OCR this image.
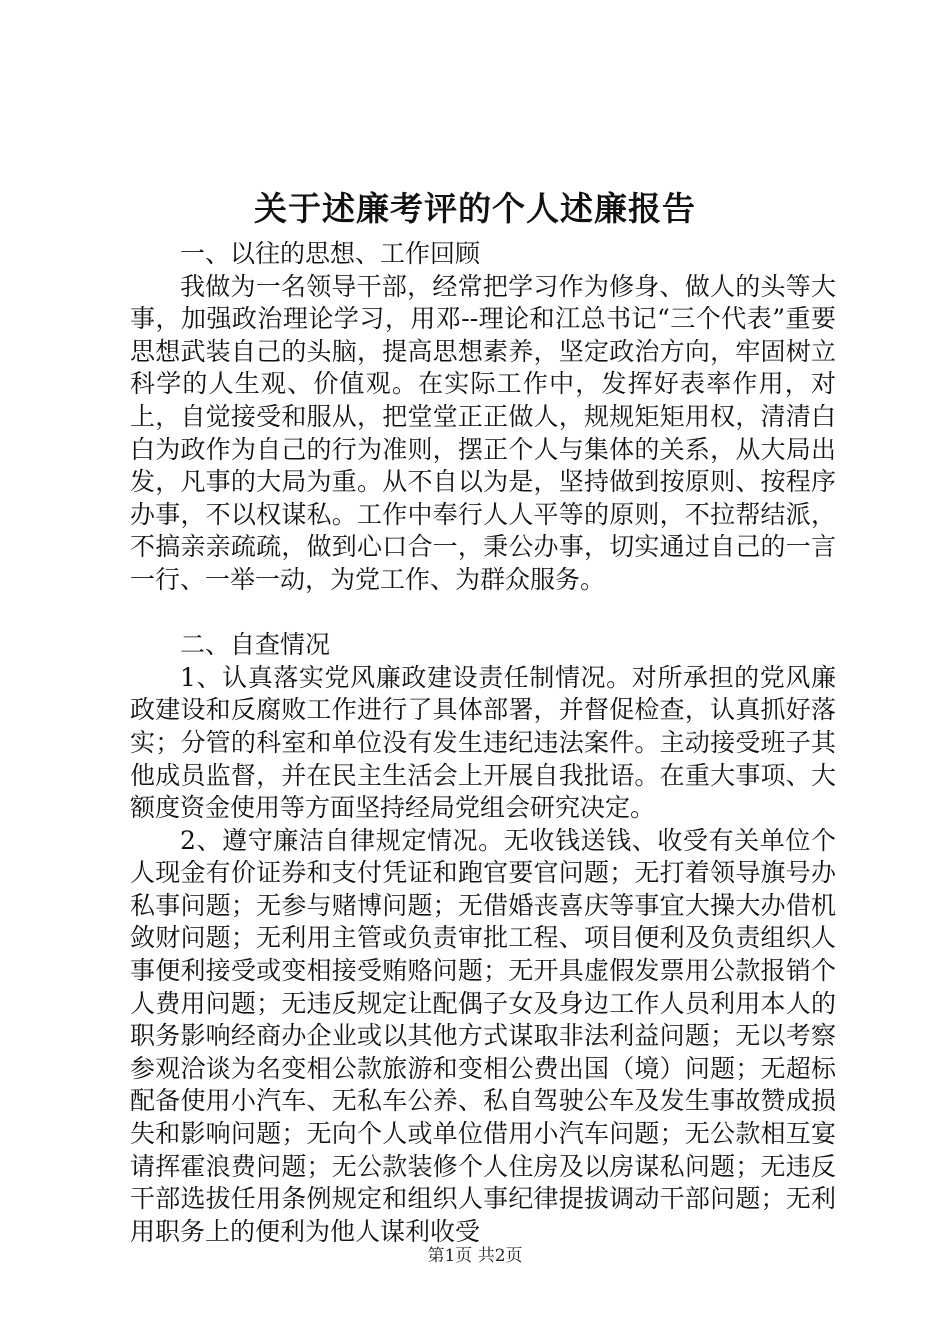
关于述廉考评的个人述廉报告

一、以往的思想、工作回顾

我做为一名领导干部，经常把学习作为修身、做人的头等大事，加强政治理论学习，用邓--理论和江总书记“三个代表”重要思想武装自己的头脑，提高思想素养，坚定政治方向，牢固树立科学的人生观、价值观。在实际工作中，发挥好表率作用，对上，自觉接受和服从，把堂堂正正做人，规规矩矩用权，清清白白为政作为自己的行为准则，摆正个人与集体的关系，从大局出发，凡事的大局为重。从不自以为是，坚持做到按原则、按程序办事，不以权谋私。工作中奉行人人平等的原则，不拉帮结派，不搞亲亲疏疏，做到心口合一，秉公办事，切实通过自己的一言一行、一举一动，为党工作、为群众服务。

二、自查情况

1、认真落实党风廉政建设责任制情况。对所承担的党风廉政建设和反腐败工作进行了具体部署，并督促检查，认真抓好落实；分管的科室和单位没有发生违纪违法案件。主动接受班子其他成员监督，并在民主生活会上开展自我批语。在重大事项、大额度资金使用等方面坚持经局党组会研究决定。

2、遵守廉洁自律规定情况。无收钱送钱、收受有关单位个人现金有价证券和支付凭证和跑官要官问题；无打着领导旗号办私事问题；无参与赌博问题；无借婚丧喜庆等事宜大操大办借机敛财问题；无利用主管或负责审批工程、项目便利及负责组织人事便利接受或变相接受贿赂问题；无开具虚假发票用公款报销个人费用问题；无违反规定让配偶子女及身边工作人员利用本人的职务影响经商办企业或以其他方式谋取非法利益问题；无以考察参观洽谈为名变相公款旅游和变相公费出国（境）问题；无超标配备使用小汽车、无私车公养、私自驾驶公车及发生事故赞成损失和影响问题；无向个人或单位借用小汽车问题；无公款相互宴请挥霍浪费问题；无公款装修个人住房及以房谋私问题；无违反干部选拔任用条例规定和组织人事纪律提拔调动干部问题；无利用职务上的便利为他人谋利收受

第1页 共2页
